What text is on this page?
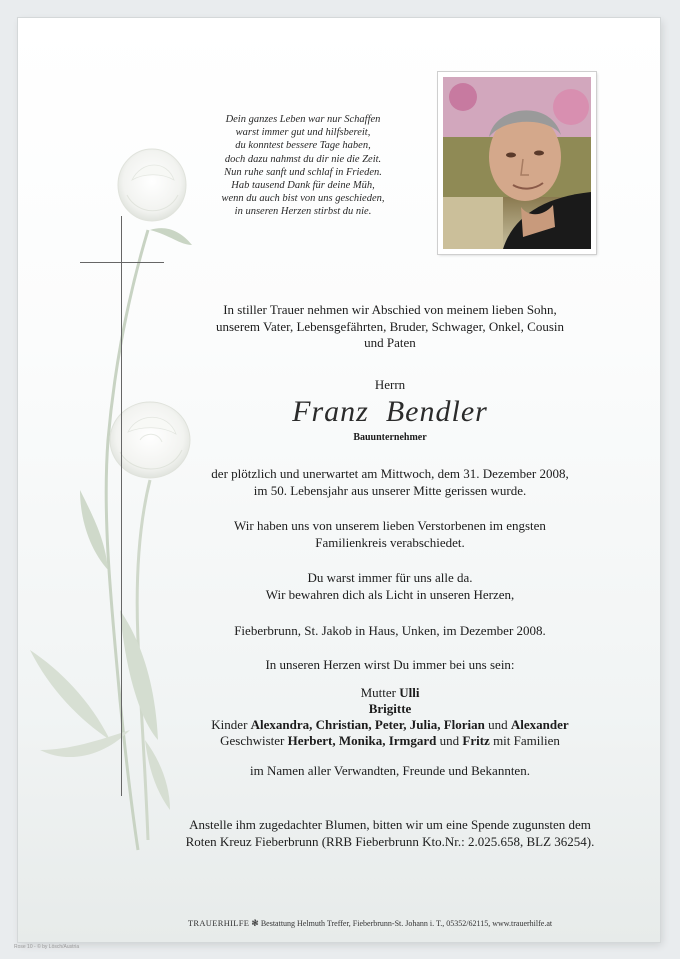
Dein ganzes Leben war nur Schaffen
warst immer gut und hilfsbereit,
du konntest bessere Tage haben,
doch dazu nahmst du dir nie die Zeit.
Nun ruhe sanft und schlaf in Frieden.
Hab tausend Dank für deine Müh,
wenn du auch bist von uns geschieden,
in unseren Herzen stirbst du nie.
In stiller Trauer nehmen wir Abschied von meinem lieben Sohn,
unserem Vater, Lebensgefährten, Bruder, Schwager, Onkel, Cousin
und Paten
Herrn
Franz  Bendler
Bauunternehmer
der plötzlich und unerwartet am Mittwoch, dem 31. Dezember 2008,
im 50. Lebensjahr aus unserer Mitte gerissen wurde.
Wir haben uns von unserem lieben Verstorbenen im engsten
Familienkreis verabschiedet.
Du warst immer für uns alle da.
Wir bewahren dich als Licht in unseren Herzen,
Fieberbrunn, St. Jakob in Haus, Unken, im Dezember 2008.
In unseren Herzen wirst Du immer bei uns sein:
Mutter Ulli
Brigitte
Kinder Alexandra, Christian, Peter, Julia, Florian und Alexander
Geschwister Herbert, Monika, Irmgard und Fritz mit Familien
im Namen aller Verwandten, Freunde und Bekannten.
Anstelle ihm zugedachter Blumen, bitten wir um eine Spende zugunsten dem
Roten Kreuz Fieberbrunn (RRB Fieberbrunn Kto.Nr.: 2.025.658, BLZ 36254).
TRAUERHILFE ❃ Bestattung Helmuth Treffer, Fieberbrunn-St. Johann i. T., 05352/62115, www.trauerhilfe.at
Rose 10 - © by Lösch/Austria
